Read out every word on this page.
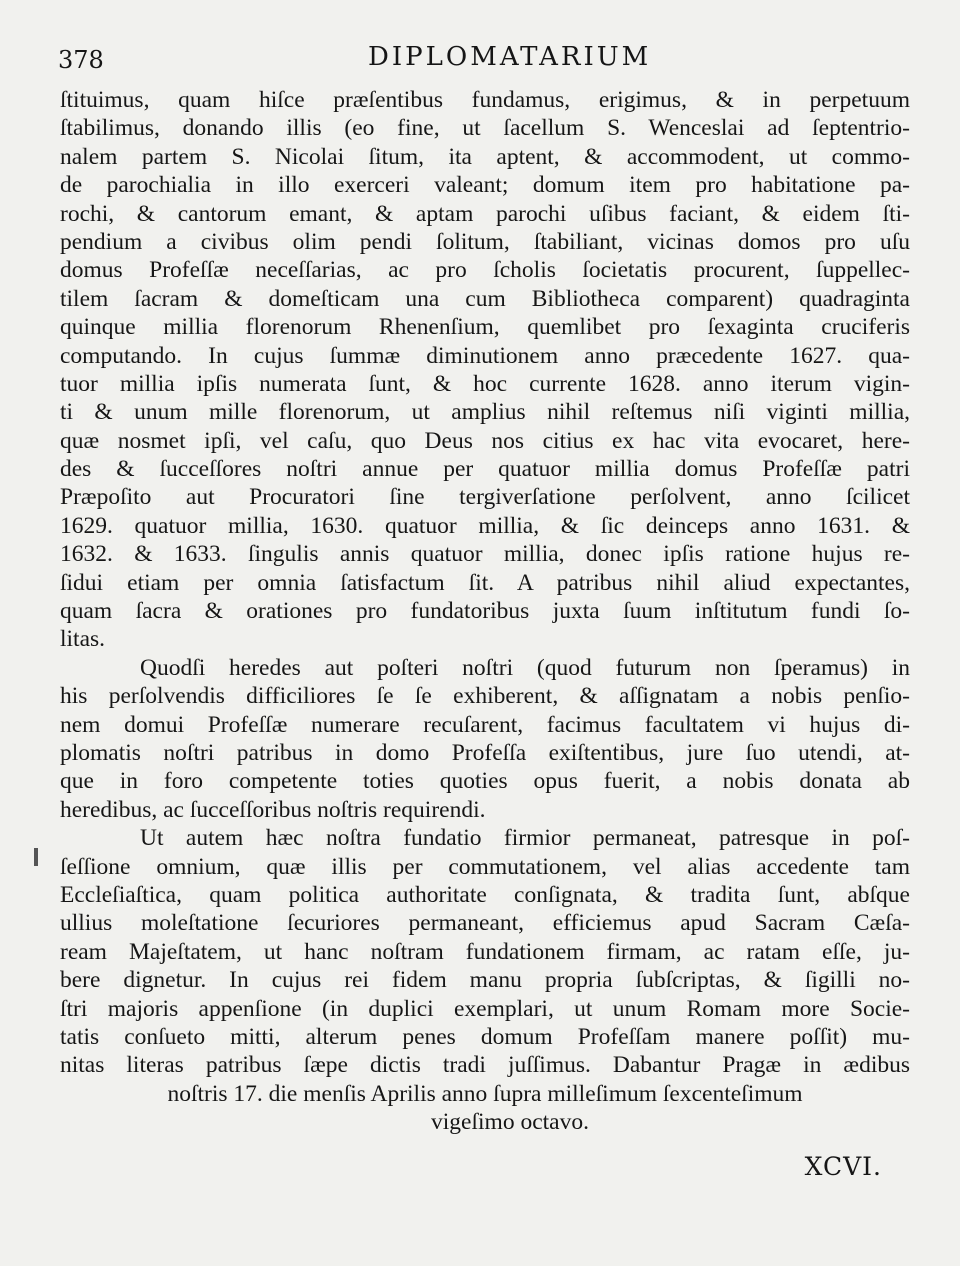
378	DIPLOMATARIUM
ſtituimus, quam hiſce præſentibus fundamus, erigimus, & in perpetuum
ſtabilimus, donando illis (eo fine, ut ſacellum S. Wenceslai ad ſeptentrio-
nalem partem S. Nicolai ſitum, ita aptent, & accommodent, ut commo-
de parochialia in illo exerceri valeant; domum item pro habitatione pa-
rochi, & cantorum emant, & aptam parochi uſibus faciant, & eidem ſti-
pendium a civibus olim pendi ſolitum, ſtabiliant, vicinas domos pro uſu
domus Profeſſæ neceſſarias, ac pro ſcholis ſocietatis procurent, ſuppellec-
tilem ſacram & domeſticam una cum Bibliotheca comparent) quadraginta
quinque millia florenorum Rhenenſium, quemlibet pro ſexaginta cruciferis
computando. In cujus ſummæ diminutionem anno præcedente 1627. qua-
tuor millia ipſis numerata ſunt, & hoc currente 1628. anno iterum vigin-
ti & unum mille florenorum, ut amplius nihil reſtemus niſi viginti millia,
quæ nosmet ipſi, vel caſu, quo Deus nos citius ex hac vita evocaret, here-
des & ſucceſſores noſtri annue per quatuor millia domus Profeſſæ patri
Præpoſito aut Procuratori ſine tergiverſatione perſolvent, anno ſcilicet
1629. quatuor millia, 1630. quatuor millia, & ſic deinceps anno 1631. &
1632. & 1633. ſingulis annis quatuor millia, donec ipſis ratione hujus re-
ſidui etiam per omnia ſatisfactum ſit. A patribus nihil aliud expectantes,
quam ſacra & orationes pro fundatoribus juxta ſuum inſtitutum fundi ſo-
litas.
Quodſi heredes aut poſteri noſtri (quod futurum non ſperamus) in
his perſolvendis difficiliores ſe ſe exhiberent, & aſſignatam a nobis penſio-
nem domui Profeſſæ numerare recuſarent, facimus facultatem vi hujus di-
plomatis noſtri patribus in domo Profeſſa exiſtentibus, jure ſuo utendi, at-
que in foro competente toties quoties opus fuerit, a nobis donata ab
heredibus, ac ſucceſſoribus noſtris requirendi.
Ut autem hæc noſtra fundatio firmior permaneat, patresque in poſ-
ſeſſione omnium, quæ illis per commutationem, vel alias accedente tam
Eccleſiaſtica, quam politica authoritate conſignata, & tradita ſunt, abſque
ullius moleſtatione ſecuriores permaneant, efficiemus apud Sacram Cæſa-
ream Majeſtatem, ut hanc noſtram fundationem firmam, ac ratam eſſe, ju-
bere dignetur. In cujus rei fidem manu propria ſubſcriptas, & ſigilli no-
ſtri majoris appenſione (in duplici exemplari, ut unum Romam more Socie-
tatis conſueto mitti, alterum penes domum Profeſſam manere poſſit) mu-
nitas literas patribus ſæpe dictis tradi juſſimus. Dabantur Pragæ in ædibus
noſtris 17. die menſis Aprilis anno ſupra milleſimum ſexcenteſimum
vigeſimo octavo.
XCVI.
